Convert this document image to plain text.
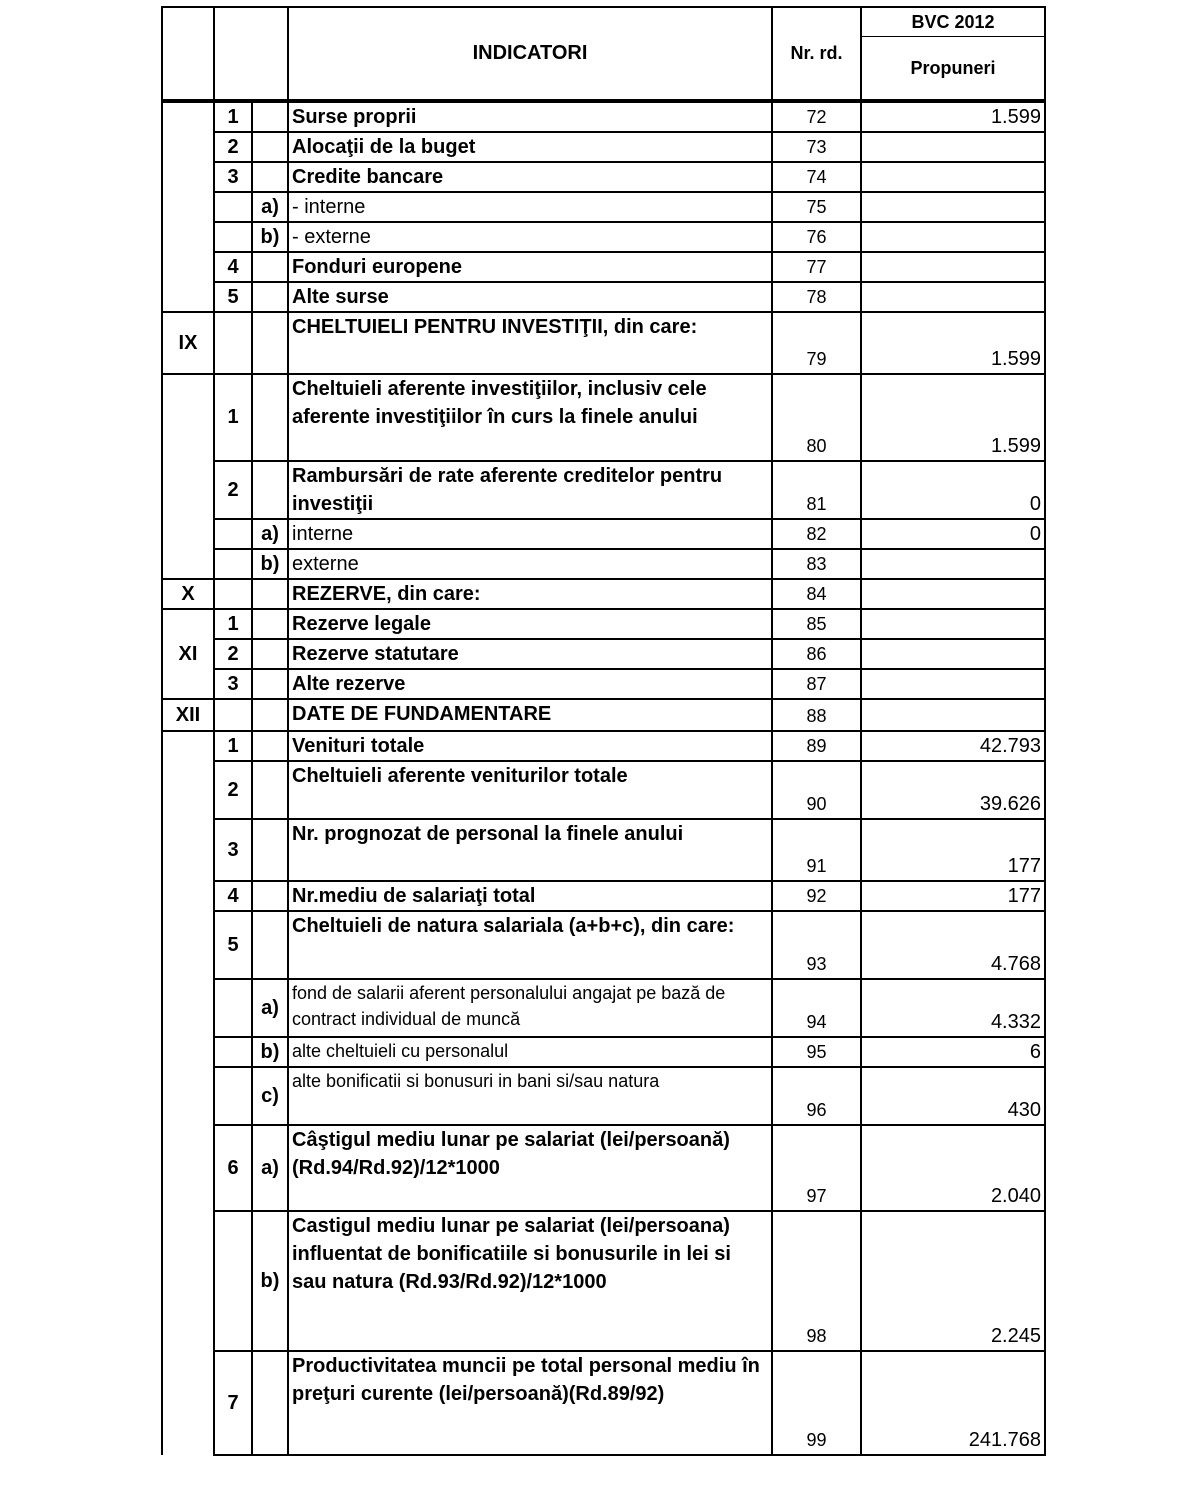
			INDICATORI	Nr. rd.	BVC 2012
					Propuneri
	1		Surse proprii	72	1.599
	2		Alocaţii de la buget	73	
	3		Credite bancare	74	
		a)	- interne	75	
		b)	- externe	76	
	4		Fonduri europene	77	
	5		Alte surse	78	
IX			CHELTUIELI PENTRU INVESTIŢII, din care:	79	1.599
	1		Cheltuieli aferente investiţiilor, inclusiv cele aferente investiţiilor în curs la finele anului	80	1.599
	2		Rambursări de rate aferente creditelor pentru investiţii	81	0
		a)	interne	82	0
		b)	externe	83	
X			REZERVE, din care:	84	
XI	1		Rezerve legale	85	
	2		Rezerve statutare	86	
	3		Alte rezerve	87	
XII			DATE DE FUNDAMENTARE	88	
	1		Venituri totale	89	42.793
	2		Cheltuieli aferente veniturilor totale	90	39.626
	3		Nr. prognozat de personal la finele anului	91	177
	4		Nr.mediu de salariaţi total	92	177
	5		Cheltuieli de natura salariala (a+b+c), din care:	93	4.768
		a)	fond de salarii aferent personalului angajat pe bază de contract individual de muncă	94	4.332
		b)	alte cheltuieli cu personalul	95	6
		c)	alte bonificatii si bonusuri in bani si/sau natura	96	430
	6	a)	Câştigul mediu lunar pe salariat (lei/persoană) (Rd.94/Rd.92)/12*1000	97	2.040
		b)	Castigul mediu lunar pe salariat (lei/persoana) influentat de bonificatiile si bonusurile in lei si sau natura (Rd.93/Rd.92)/12*1000	98	2.245
	7		Productivitatea muncii pe total personal mediu în preţuri curente (lei/persoană)(Rd.89/92)	99	241.768
